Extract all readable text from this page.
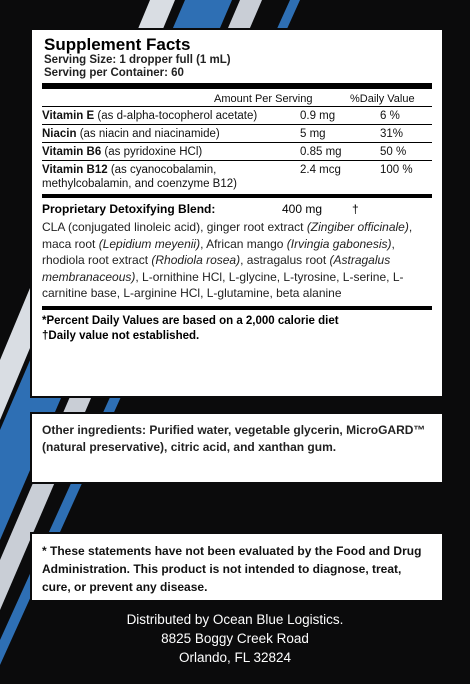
Supplement Facts
Serving Size: 1 dropper full (1 mL)
Serving per Container: 60
Amount Per Serving	%Daily Value
Vitamin E (as d-alpha-tocopherol acetate)	0.9 mg	6 %
Niacin (as niacin and niacinamide)	5 mg	31%
Vitamin B6 (as pyridoxine HCl)	0.85 mg	50 %
Vitamin B12 (as cyanocobalamin,
methylcobalamin, and coenzyme B12)
2.4 mcg	100 %
Proprietary Detoxifying Blend:	400 mg	†
CLA (conjugated linoleic acid), ginger root extract (Zingiber officinale), maca root (Lepidium meyenii), African mango (Irvingia gabonesis), rhodiola root extract (Rhodiola rosea), astragalus root (Astragalus membranaceous), L-ornithine HCl, L-glycine, L-tyrosine, L-serine, L-carnitine base, L-arginine HCl, L-glutamine, beta alanine
*Percent Daily Values are based on a 2,000 calorie diet
†Daily value not established.
Other ingredients: Purified water, vegetable glycerin, MicroGARD™ (natural preservative), citric acid, and xanthan gum.
* These statements have not been evaluated by the Food and Drug Administration. This product is not intended to diagnose, treat, cure, or prevent any disease.
Distributed by Ocean Blue Logistics.
8825 Boggy Creek Road
Orlando, FL 32824
